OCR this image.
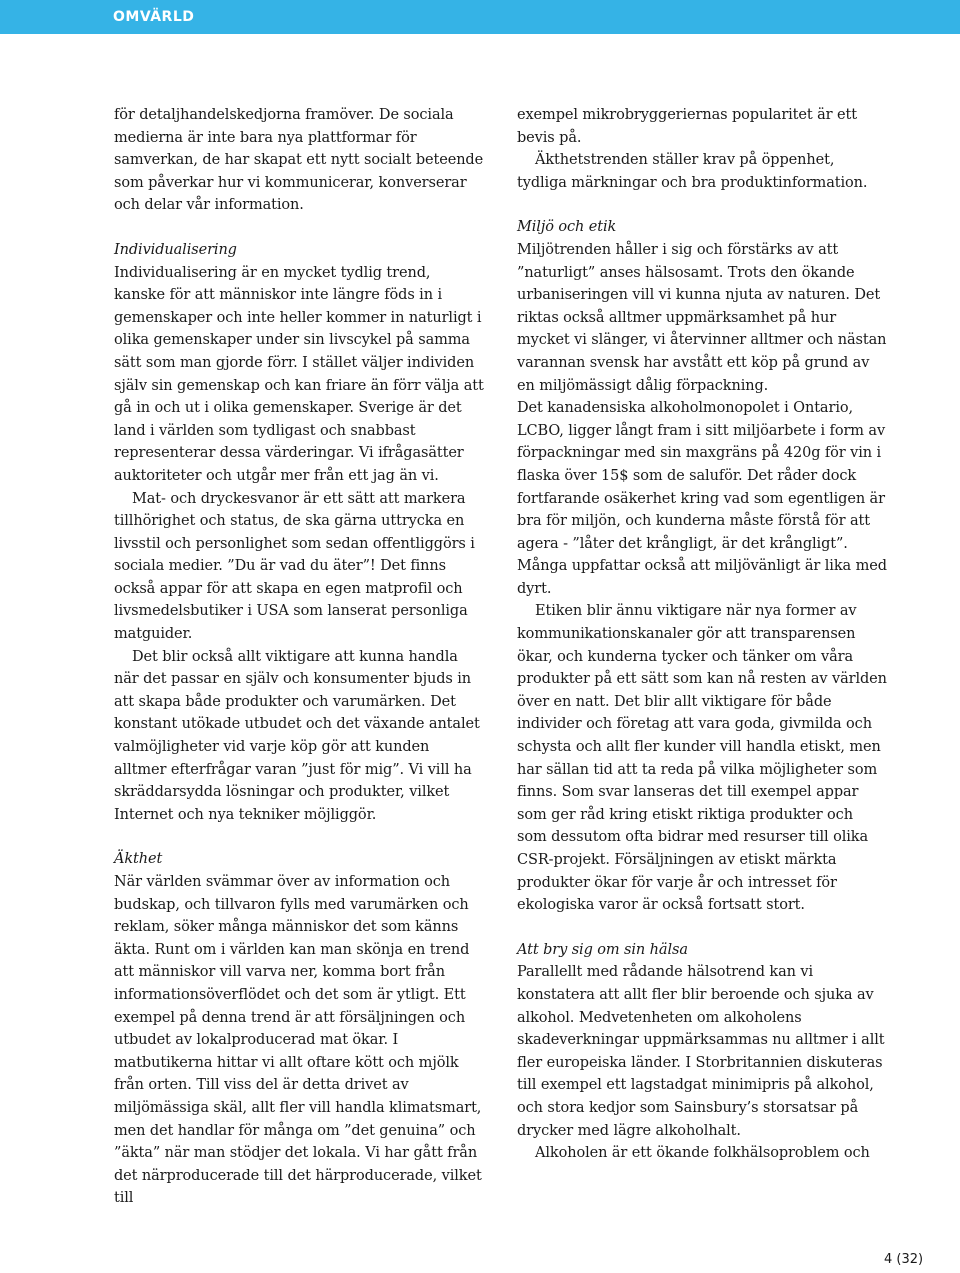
OMVÄRLD

för detaljhandelskedjorna framöver. De sociala medierna är inte bara nya plattformar för samverkan, de har skapat ett nytt socialt beteende som påverkar hur vi kommunicerar, konverserar och delar vår information.

Individualisering

Individualisering är en mycket tydlig trend, kanske för att människor inte längre föds in i gemenskaper och inte heller kommer in naturligt i olika gemenskaper under sin livscykel på samma sätt som man gjorde förr. I stället väljer individen själv sin gemenskap och kan friare än förr välja att gå in och ut i olika gemenskaper. Sverige är det land i världen som tydligast och snabbast representerar dessa värderingar. Vi ifrågasätter auktoriteter och utgår mer från ett jag än vi.

Mat- och dryckesvanor är ett sätt att markera tillhörighet och status, de ska gärna uttrycka en livsstil och personlighet som sedan offentliggörs i sociala medier. ”Du är vad du äter”! Det finns också appar för att skapa en egen matprofil och livsmedelsbutiker i USA som lanserat personliga matguider.

Det blir också allt viktigare att kunna handla när det passar en själv och konsumenter bjuds in att skapa både produkter och varumärken. Det konstant utökade utbudet och det växande antalet valmöjligheter vid varje köp gör att kunden alltmer efterfrågar varan ”just för mig”. Vi vill ha skräddarsydda lösningar och produkter, vilket Internet och nya tekniker möjliggör.

Äkthet

När världen svämmar över av information och budskap, och tillvaron fylls med varumärken och reklam, söker många människor det som känns äkta. Runt om i världen kan man skönja en trend att människor vill varva ner, komma bort från informationsöverflödet och det som är ytligt. Ett exempel på denna trend är att försäljningen och utbudet av lokalproducerad mat ökar. I matbutikerna hittar vi allt oftare kött och mjölk från orten. Till viss del är detta drivet av miljömässiga skäl, allt fler vill handla klimatsmart, men det handlar för många om ”det genuina” och ”äkta” när man stödjer det lokala. Vi har gått från det närproducerade till det härproducerade, vilket till

exempel mikrobryggeriernas popularitet är ett bevis på.

Äkthetstrenden ställer krav på öppenhet, tydliga märkningar och bra produktinformation.

Miljö och etik

Miljötrenden håller i sig och förstärks av att ”naturligt” anses hälsosamt. Trots den ökande urbaniseringen vill vi kunna njuta av naturen. Det riktas också alltmer uppmärksamhet på hur mycket vi slänger, vi återvinner alltmer och nästan varannan svensk har avstått ett köp på grund av en miljömässigt dålig förpackning.

Det kanadensiska alkoholmonopolet i Ontario, LCBO, ligger långt fram i sitt miljöarbete i form av förpackningar med sin maxgräns på 420g för vin i flaska över 15$ som de saluför. Det råder dock fortfarande osäkerhet kring vad som egentligen är bra för miljön, och kunderna måste förstå för att agera - ”låter det krångligt, är det krångligt”. Många uppfattar också att miljövänligt är lika med dyrt.

Etiken blir ännu viktigare när nya former av kommunikationskanaler gör att transparensen ökar, och kunderna tycker och tänker om våra produkter på ett sätt som kan nå resten av världen över en natt. Det blir allt viktigare för både individer och företag att vara goda, givmilda och schysta och allt fler kunder vill handla etiskt, men har sällan tid att ta reda på vilka möjligheter som finns. Som svar lanseras det till exempel appar som ger råd kring etiskt riktiga produkter och som dessutom ofta bidrar med resurser till olika CSR-projekt. Försäljningen av etiskt märkta produkter ökar för varje år och intresset för ekologiska varor är också fortsatt stort.

Att bry sig om sin hälsa

Parallellt med rådande hälsotrend kan vi konstatera att allt fler blir beroende och sjuka av alkohol. Medvetenheten om alkoholens skadeverkningar uppmärksammas nu alltmer i allt fler europeiska länder. I Storbritannien diskuteras till exempel ett lagstadgat minimipris på alkohol, och stora kedjor som Sainsbury’s storsatsar på drycker med lägre alkoholhalt.

Alkoholen är ett ökande folkhälsoproblem och

4 (32)
